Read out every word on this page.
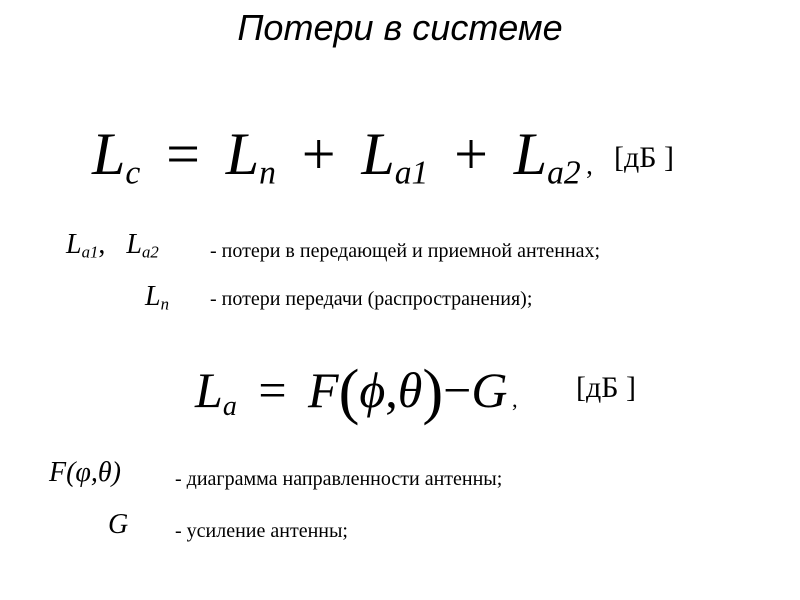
Потери в системе
$L_c = L_n + L_{a1} + L_{a2}$ , [дБ ]
$L_{a1}$, $L_{a2}$	- потери в передающей и приемной антеннах;
$L_n$ - потери передачи (распространения);
$L_a = F(\phi,\theta)-G$ , [дБ ]
F(φ,θ)	- диаграмма направленности антенны;
G - усиление антенны;
